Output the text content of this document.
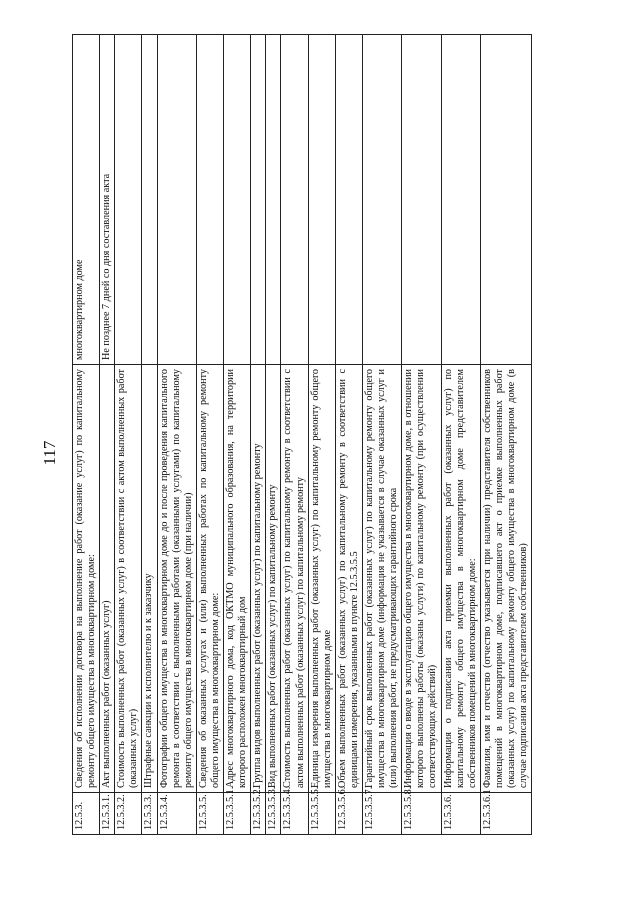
117
12.5.3.	Сведения об исполнении договора на выполнение работ (оказание услуг) по капитальному ремонту общего имущества в многоквартирном доме:	многоквартирном доме
12.5.3.1.	Акт выполненных работ (оказанных услуг)	Не позднее 7 дней со дня составления акта
12.5.3.2.	Стоимость выполненных работ (оказанных услуг) в соответствии с актом выполненных работ (оказанных услуг)	
12.5.3.3.	Штрафные санкции к исполнителю и к заказчику	
12.5.3.4.	Фотографии общего имущества в многоквартирном доме до и после проведения капитального ремонта в соответствии с выполненными работами (оказанными услугами) по капитальному ремонту общего имущества в многоквартирном доме (при наличии)	
12.5.3.5.	Сведения об оказанных услугах и (или) выполненных работах по капитальному ремонту общего имущества в многоквартирном доме:	
12.5.3.5.1.	Адрес многоквартирного дома, код ОКТМО муниципального образования, на территории которого расположен многоквартирный дом	
12.5.3.5.2.	Группа видов выполненных работ (оказанных услуг) по капитальному ремонту	
12.5.3.5.3.	Вид выполненных работ (оказанных услуг) по капитальному ремонту	
12.5.3.5.4.	Стоимость выполненных работ (оказанных услуг) по капитальному ремонту в соответствии с актом выполненных работ (оказанных услуг) по капитальному ремонту	
12.5.3.5.5.	Единица измерения выполненных работ (оказанных услуг) по капитальному ремонту общего имущества в многоквартирном доме	
12.5.3.5.6.	Объем выполненных работ (оказанных услуг) по капитальному ремонту в соответствии с единицами измерения, указанными в пункте 12.5.3.5.5	
12.5.3.5.7.	Гарантийный срок выполненных работ (оказанных услуг) по капитальному ремонту общего имущества в многоквартирном доме (информация не указывается в случае оказанных услуг и (или) выполнения работ, не предусматривающих гарантийного срока	
12.5.3.5.8.	Информация о вводе в эксплуатацию общего имущества в многоквартирном доме, в отношении которого выполнены работы (оказаны услуги) по капитальному ремонту (при осуществлении соответствующих действий)	
12.5.3.6.	Информация о подписании акта приемки выполненных работ (оказанных услуг) по капитальному ремонту общего имущества в многоквартирном доме представителем собственников помещений в многоквартирном доме:	
12.5.3.6.1	Фамилия, имя и отчество (отчество указывается при наличии) представителя собственников помещений в многоквартирном доме, подписавшего акт о приемке выполненных работ (оказанных услуг) по капитальному ремонту общего имущества в многоквартирном доме (в случае подписания акта представителем собственников)	
